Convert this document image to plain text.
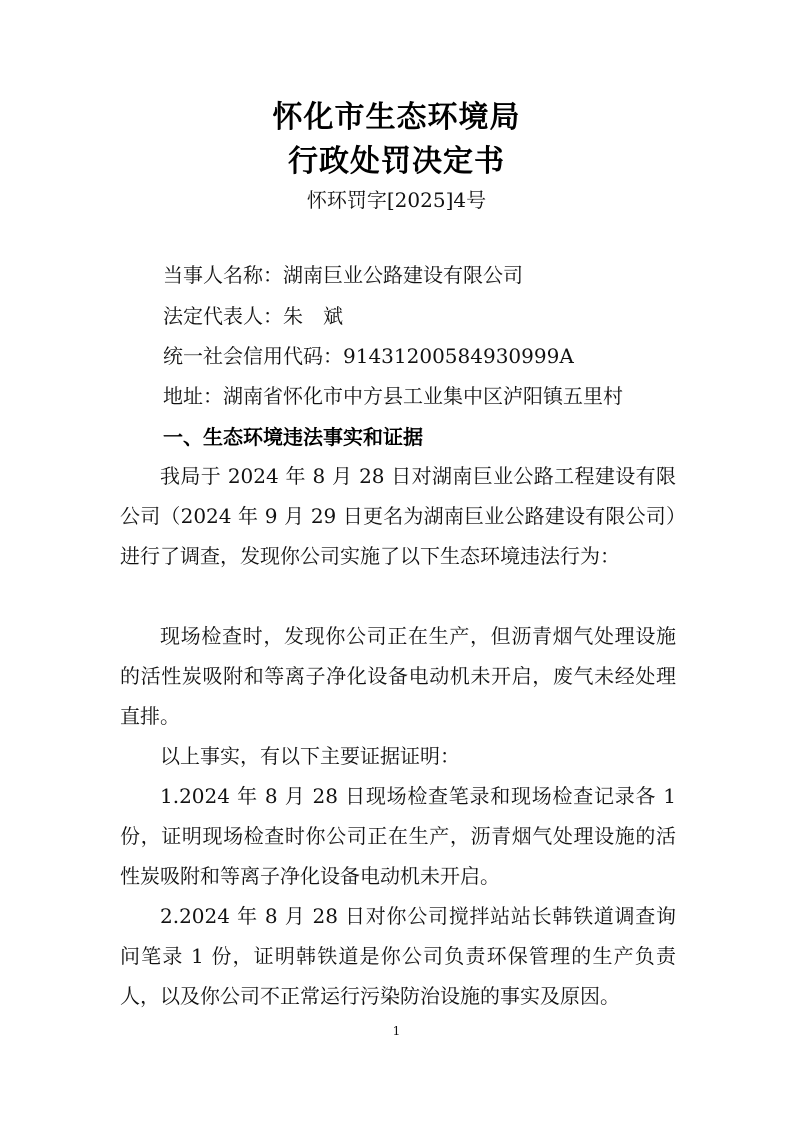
怀化市生态环境局
行政处罚决定书
怀环罚字[2025]4号
当事人名称：湖南巨业公路建设有限公司
法定代表人：朱　斌
统一社会信用代码：91431200584930999A
地址：湖南省怀化市中方县工业集中区泸阳镇五里村
一、生态环境违法事实和证据
我局于 2024 年 8 月 28 日对湖南巨业公路工程建设有限公司（2024 年 9 月 29 日更名为湖南巨业公路建设有限公司）进行了调查，发现你公司实施了以下生态环境违法行为：
现场检查时，发现你公司正在生产，但沥青烟气处理设施的活性炭吸附和等离子净化设备电动机未开启，废气未经处理直排。
以上事实，有以下主要证据证明：
1.2024 年 8 月 28 日现场检查笔录和现场检查记录各 1 份，证明现场检查时你公司正在生产，沥青烟气处理设施的活性炭吸附和等离子净化设备电动机未开启。
2.2024 年 8 月 28 日对你公司搅拌站站长韩铁道调查询问笔录 1 份，证明韩铁道是你公司负责环保管理的生产负责人，以及你公司不正常运行污染防治设施的事实及原因。
1
